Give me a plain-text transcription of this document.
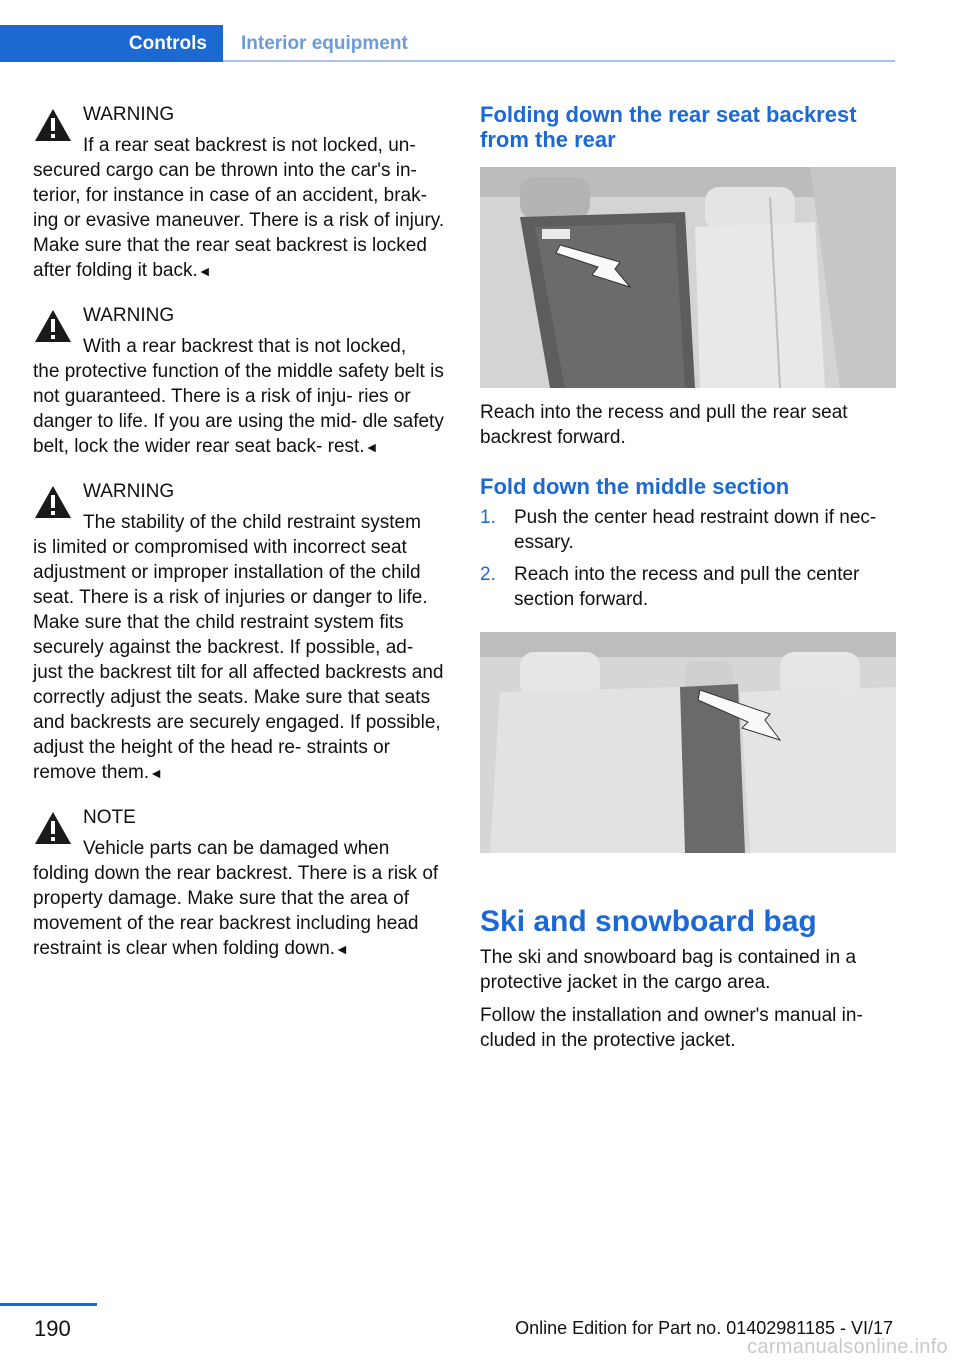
Controls	Interior equipment
WARNING
If a rear seat backrest is not locked, un‐
secured cargo can be thrown into the car's in‐ terior, for instance in case of an accident, brak‐ ing or evasive maneuver. There is a risk of injury. Make sure that the rear seat backrest is locked after folding it back.◄
WARNING
With a rear backrest that is not locked,
the protective function of the middle safety belt is not guaranteed. There is a risk of inju‐ ries or danger to life. If you are using the mid‐ dle safety belt, lock the wider rear seat back‐ rest.◄
WARNING
The stability of the child restraint system
is limited or compromised with incorrect seat adjustment or improper installation of the child seat. There is a risk of injuries or danger to life. Make sure that the child restraint system fits securely against the backrest. If possible, ad‐ just the backrest tilt for all affected backrests and correctly adjust the seats. Make sure that seats and backrests are securely engaged. If possible, adjust the height of the head re‐ straints or remove them.◄
NOTE
Vehicle parts can be damaged when
folding down the rear backrest. There is a risk of property damage. Make sure that the area of movement of the rear backrest including head restraint is clear when folding down.◄
Folding down the rear seat backrest from the rear

Reach into the recess and pull the rear seat backrest forward.

Fold down the middle section
1. Push the center head restraint down if nec‐ essary.
2. Reach into the recess and pull the center section forward.
Ski and snowboard bag

The ski and snowboard bag is contained in a protective jacket in the cargo area.

Follow the installation and owner's manual in‐ cluded in the protective jacket.

190	Online Edition for Part no. 01402981185 - VI/17
carmanualsonline.info
